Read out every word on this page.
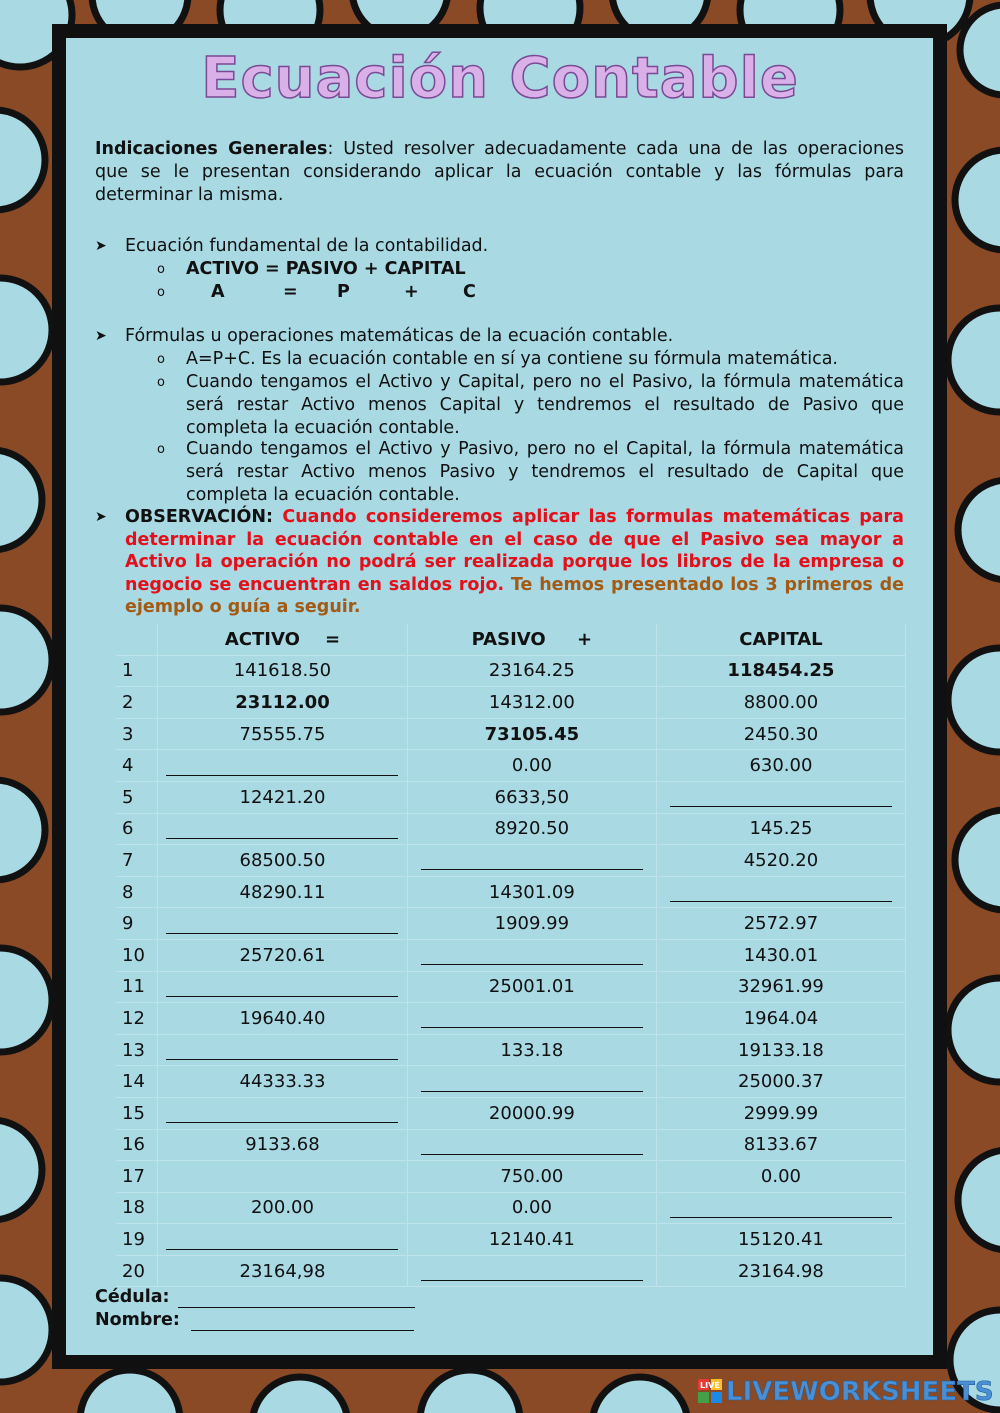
Ecuación Contable
Indicaciones Generales: Usted resolver adecuadamente cada una de las operaciones que se le presentan considerando aplicar la ecuación contable y las fórmulas para determinar la misma.
➤ Ecuación fundamental de la contabilidad.
o ACTIVO = PASIVO + CAPITAL
o	A	= P	+	C
➤ Fórmulas u operaciones matemáticas de la ecuación contable.
o A=P+C. Es la ecuación contable en sí ya contiene su fórmula matemática.
o Cuando tengamos el Activo y Capital, pero no el Pasivo, la fórmula matemática será restar Activo menos Capital y tendremos el resultado de Pasivo que completa la ecuación contable.
o Cuando tengamos el Activo y Pasivo, pero no el Capital, la fórmula matemática será restar Activo menos Pasivo y tendremos el resultado de Capital que completa la ecuación contable.
➤ OBSERVACIÓN: Cuando consideremos aplicar las formulas matemáticas para determinar la ecuación contable en el caso de que el Pasivo sea mayor a Activo la operación no podrá ser realizada porque los libros de la empresa o negocio se encuentran en saldos rojo. Te hemos presentado los 3 primeros de ejemplo o guía a seguir.
	ACTIVO    =	PASIVO     +	CAPITAL
1	141618.50	23164.25	118454.25
2	23112.00	14312.00	8800.00
3	75555.75	73105.45	2450.30
4		0.00	630.00
5	12421.20	6633,50	
6		8920.50	145.25
7	68500.50		4520.20
8	48290.11	14301.09	
9		1909.99	2572.97
10	25720.61		1430.01
11		25001.01	32961.99
12	19640.40		1964.04
13		133.18	19133.18
14	44333.33		25000.37
15		20000.99	2999.99
16	9133.68		8133.67
17		750.00	0.00
18	200.00	0.00	
19		12140.41	15120.41
20	23164,98		23164.98
Cédula:
Nombre:
LIVE LIVEWORKSHEETS
